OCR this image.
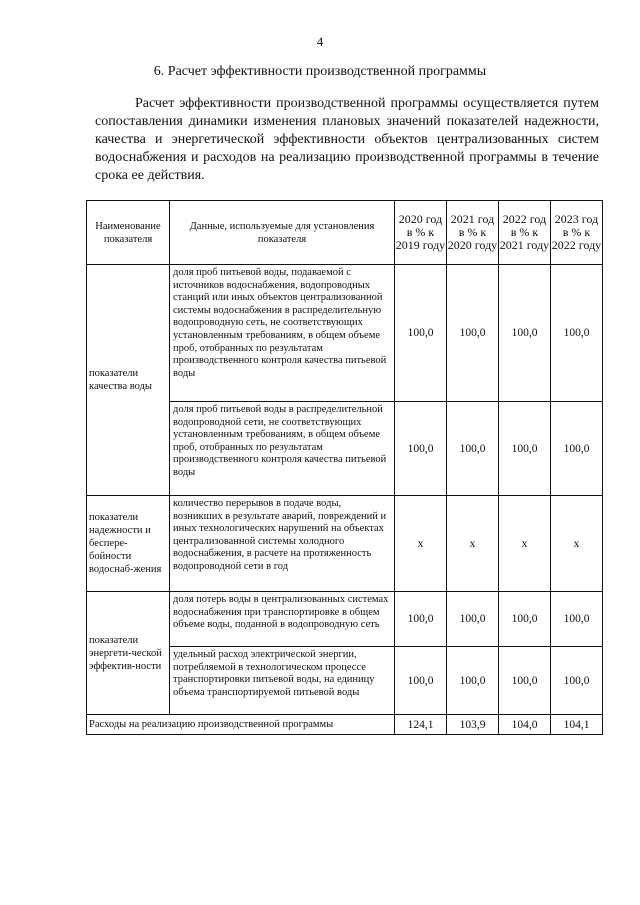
4
6. Расчет эффективности производственной программы

Расчет эффективности производственной программы осуществляется путем сопоставления динамики изменения плановых значений показателей надежности, качества и энергетической эффективности объектов централизованных систем водоснабжения и расходов на реализацию производственной программы в течение срока ее действия.

Наименование показателя	Данные, используемые для установления показателя	2020 год в % к 2019 году	2021 год в % к 2020 году	2022 год в % к 2021 году	2023 год в % к 2022 году
показатели качества воды	доля проб питьевой воды, подаваемой с источников водоснабжения, водопроводных станций или иных объектов централизованной системы водоснабжения в распределительную водопроводную сеть, не соответствующих установленным требованиям, в общем объеме проб, отобранных по результатам производственного контроля качества питьевой воды	100,0	100,0	100,0	100,0
	доля проб питьевой воды в распределительной водопроводной сети, не соответствующих установленным требованиям, в общем объеме проб, отобранных по результатам производственного контроля качества питьевой воды	100,0	100,0	100,0	100,0
показатели надежности и беспере-бойности водоснаб-жения	количество перерывов в подаче воды, возникших в результате аварий, повреждений и иных технологических нарушений на объектах централизованной системы холодного водоснабжения, в расчете на протяженность водопроводной сети в год	х	х	х	х
показатели энергети-ческой эффектив-ности	доля потерь воды в централизованных системах водоснабжения при транспортировке в общем объеме воды, поданной в водопроводную сеть	100,0	100,0	100,0	100,0
	удельный расход электрической энергии, потребляемой в технологическом процессе транспортировки питьевой воды, на единицу объема транспортируемой питьевой воды	100,0	100,0	100,0	100,0
Расходы на реализацию производственной программы		124,1	103,9	104,0	104,1
